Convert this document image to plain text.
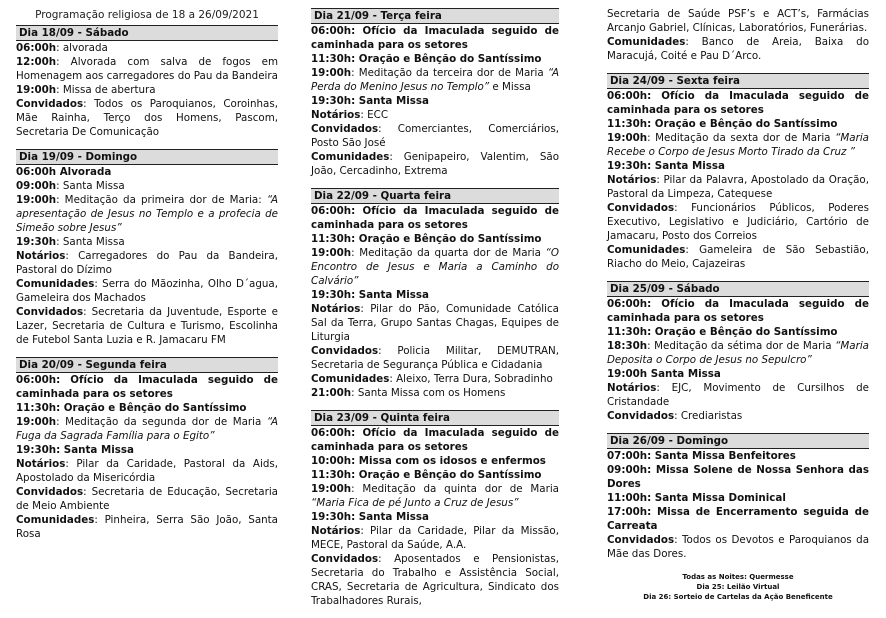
Programação religiosa de 18 a 26/09/2021
Dia 18/09 - Sábado
06:00h: alvorada
12:00h: Alvorada com salva de fogos em Homenagem aos carregadores do Pau da Bandeira
19:00h: Missa de abertura
Convidados: Todos os Paroquianos, Coroinhas, Mãe Rainha, Terço dos Homens, Pascom, Secretaria De Comunicação
Dia 19/09 - Domingo
06:00h Alvorada
09:00h: Santa Missa
19:00h: Meditação da primeira dor de Maria: “A apresentação de Jesus no Templo e a profecia de Simeão sobre Jesus”
19:30h: Santa Missa
Notários: Carregadores do Pau da Bandeira, Pastoral do Dízimo
Comunidades: Serra do Mãozinha, Olho D´agua, Gameleira dos Machados
Convidados: Secretaria da Juventude, Esporte e Lazer, Secretaria de Cultura e Turismo, Escolinha de Futebol Santa Luzia e R. Jamacaru FM
Dia 20/09 - Segunda feira
06:00h: Ofício da Imaculada seguido de caminhada para os setores
11:30h: Oração e Bênção do Santíssimo
19:00h: Meditação da segunda dor de Maria “A Fuga da Sagrada Família para o Egito”
19:30h: Santa Missa
Notários: Pilar da Caridade, Pastoral da Aids, Apostolado da Misericórdia
Convidados: Secretaria de Educação, Secretaria de Meio Ambiente
Comunidades: Pinheira, Serra São João, Santa Rosa
Dia 21/09 - Terça feira
06:00h: Ofício da Imaculada seguido de caminhada para os setores
11:30h: Oração e Bênção do Santíssimo
19:00h: Meditação da terceira dor de Maria “A Perda do Menino Jesus no Templo” e Missa
19:30h: Santa Missa
Notários: ECC
Convidados: Comerciantes, Comerciários, Posto São José
Comunidades: Genipapeiro, Valentim, São João, Cercadinho, Extrema
Dia 22/09 - Quarta feira
06:00h: Ofício da Imaculada seguido de caminhada para os setores
11:30h: Oração e Bênção do Santíssimo
19:00h: Meditação da quarta dor de Maria “O Encontro de Jesus e Maria a Caminho do Calvário”
19:30h: Santa Missa
Notários: Pilar do Pão, Comunidade Católica Sal da Terra, Grupo Santas Chagas, Equipes de Liturgia
Convidados: Policia Militar, DEMUTRAN, Secretaria de Segurança Pública e Cidadania
Comunidades: Aleixo, Terra Dura, Sobradinho
21:00h: Santa Missa com os Homens
Dia 23/09 - Quinta feira
06:00h: Ofício da Imaculada seguido de caminhada para os setores
10:00h: Missa com os idosos e enfermos
11:30h: Oração e Bênção do Santíssimo
19:00h: Meditação da quinta dor de Maria “Maria Fica de pé Junto a Cruz de Jesus”
19:30h: Santa Missa
Notários: Pilar da Caridade, Pilar da Missão, MECE, Pastoral da Saúde, A.A.
Convidados: Aposentados e Pensionistas, Secretaria do Trabalho e Assistência Social, CRAS, Secretaria de Agricultura, Sindicato dos Trabalhadores Rurais,
Secretaria de Saúde PSF’s e ACT’s, Farmácias Arcanjo Gabriel, Clínicas, Laboratórios, Funerárias.
Comunidades: Banco de Areia, Baixa do Maracujá, Coité e Pau D´Arco.
Dia 24/09 - Sexta feira
06:00h: Ofício da Imaculada seguido de caminhada para os setores
11:30h: Oração e Bênção do Santíssimo
19:00h: Meditação da sexta dor de Maria “Maria Recebe o Corpo de Jesus Morto Tirado da Cruz ”
19:30h: Santa Missa
Notários: Pilar da Palavra, Apostolado da Oração, Pastoral da Limpeza, Catequese
Convidados: Funcionários Públicos, Poderes Executivo, Legislativo e Judiciário, Cartório de Jamacaru, Posto dos Correios
Comunidades: Gameleira de São Sebastião, Riacho do Meio, Cajazeiras
Dia 25/09 - Sábado
06:00h: Ofício da Imaculada seguido de caminhada para os setores
11:30h: Oração e Bênção do Santíssimo
18:30h: Meditação da sétima dor de Maria “Maria Deposita o Corpo de Jesus no Sepulcro”
19:00h Santa Missa
Notários: EJC, Movimento de Cursilhos de Cristandade
Convidados: Crediaristas
Dia 26/09 - Domingo
07:00h: Santa Missa Benfeitores
09:00h: Missa Solene de Nossa Senhora das Dores
11:00h: Santa Missa Dominical
17:00h: Missa de Encerramento seguida de Carreata
Convidados: Todos os Devotos e Paroquianos da Mãe das Dores.
Todas as Noites: Quermesse
Dia 25: Leilão Virtual
Dia 26: Sorteio de Cartelas da Ação Beneficente
